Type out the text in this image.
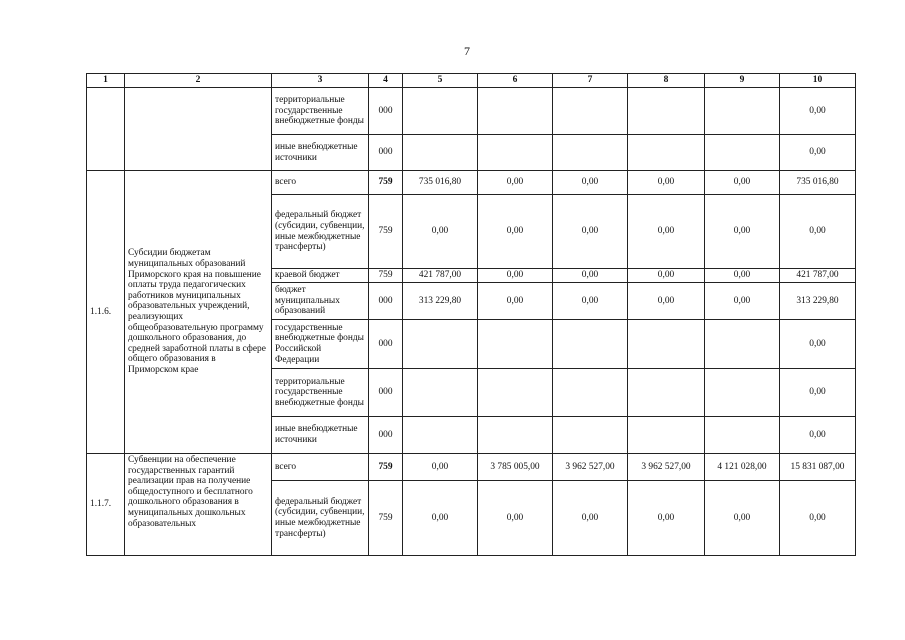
7
1	2	3	4	5	6	7	8	9	10
		территориальные государственные внебюджетные фонды	000						0,00
		иные внебюджетные источники	000						0,00
1.1.6.	Субсидии бюджетам муниципальных образований Приморского края на повышение оплаты труда педагогических работников муниципальных образовательных учреждений, реализующих общеобразовательную программу дошкольного образования, до средней заработной платы в сфере общего образования в Приморском крае	всего	759	735 016,80	0,00	0,00	0,00	0,00	735 016,80
		федеральный бюджет (субсидии, субвенции, иные межбюджетные трансферты)	759	0,00	0,00	0,00	0,00	0,00	0,00
		краевой бюджет	759	421 787,00	0,00	0,00	0,00	0,00	421 787,00
		бюджет муниципальных образований	000	313 229,80	0,00	0,00	0,00	0,00	313 229,80
		государственные внебюджетные фонды Российской Федерации	000						0,00
		территориальные государственные внебюджетные фонды	000						0,00
		иные внебюджетные источники	000						0,00
1.1.7.	Субвенции на обеспечение государственных гарантий реализации прав на получение общедоступного и бесплатного дошкольного образования в муниципальных дошкольных образовательных	всего	759	0,00	3 785 005,00	3 962 527,00	3 962 527,00	4 121 028,00	15 831 087,00
		федеральный бюджет (субсидии, субвенции, иные межбюджетные трансферты)	759	0,00	0,00	0,00	0,00	0,00	0,00
